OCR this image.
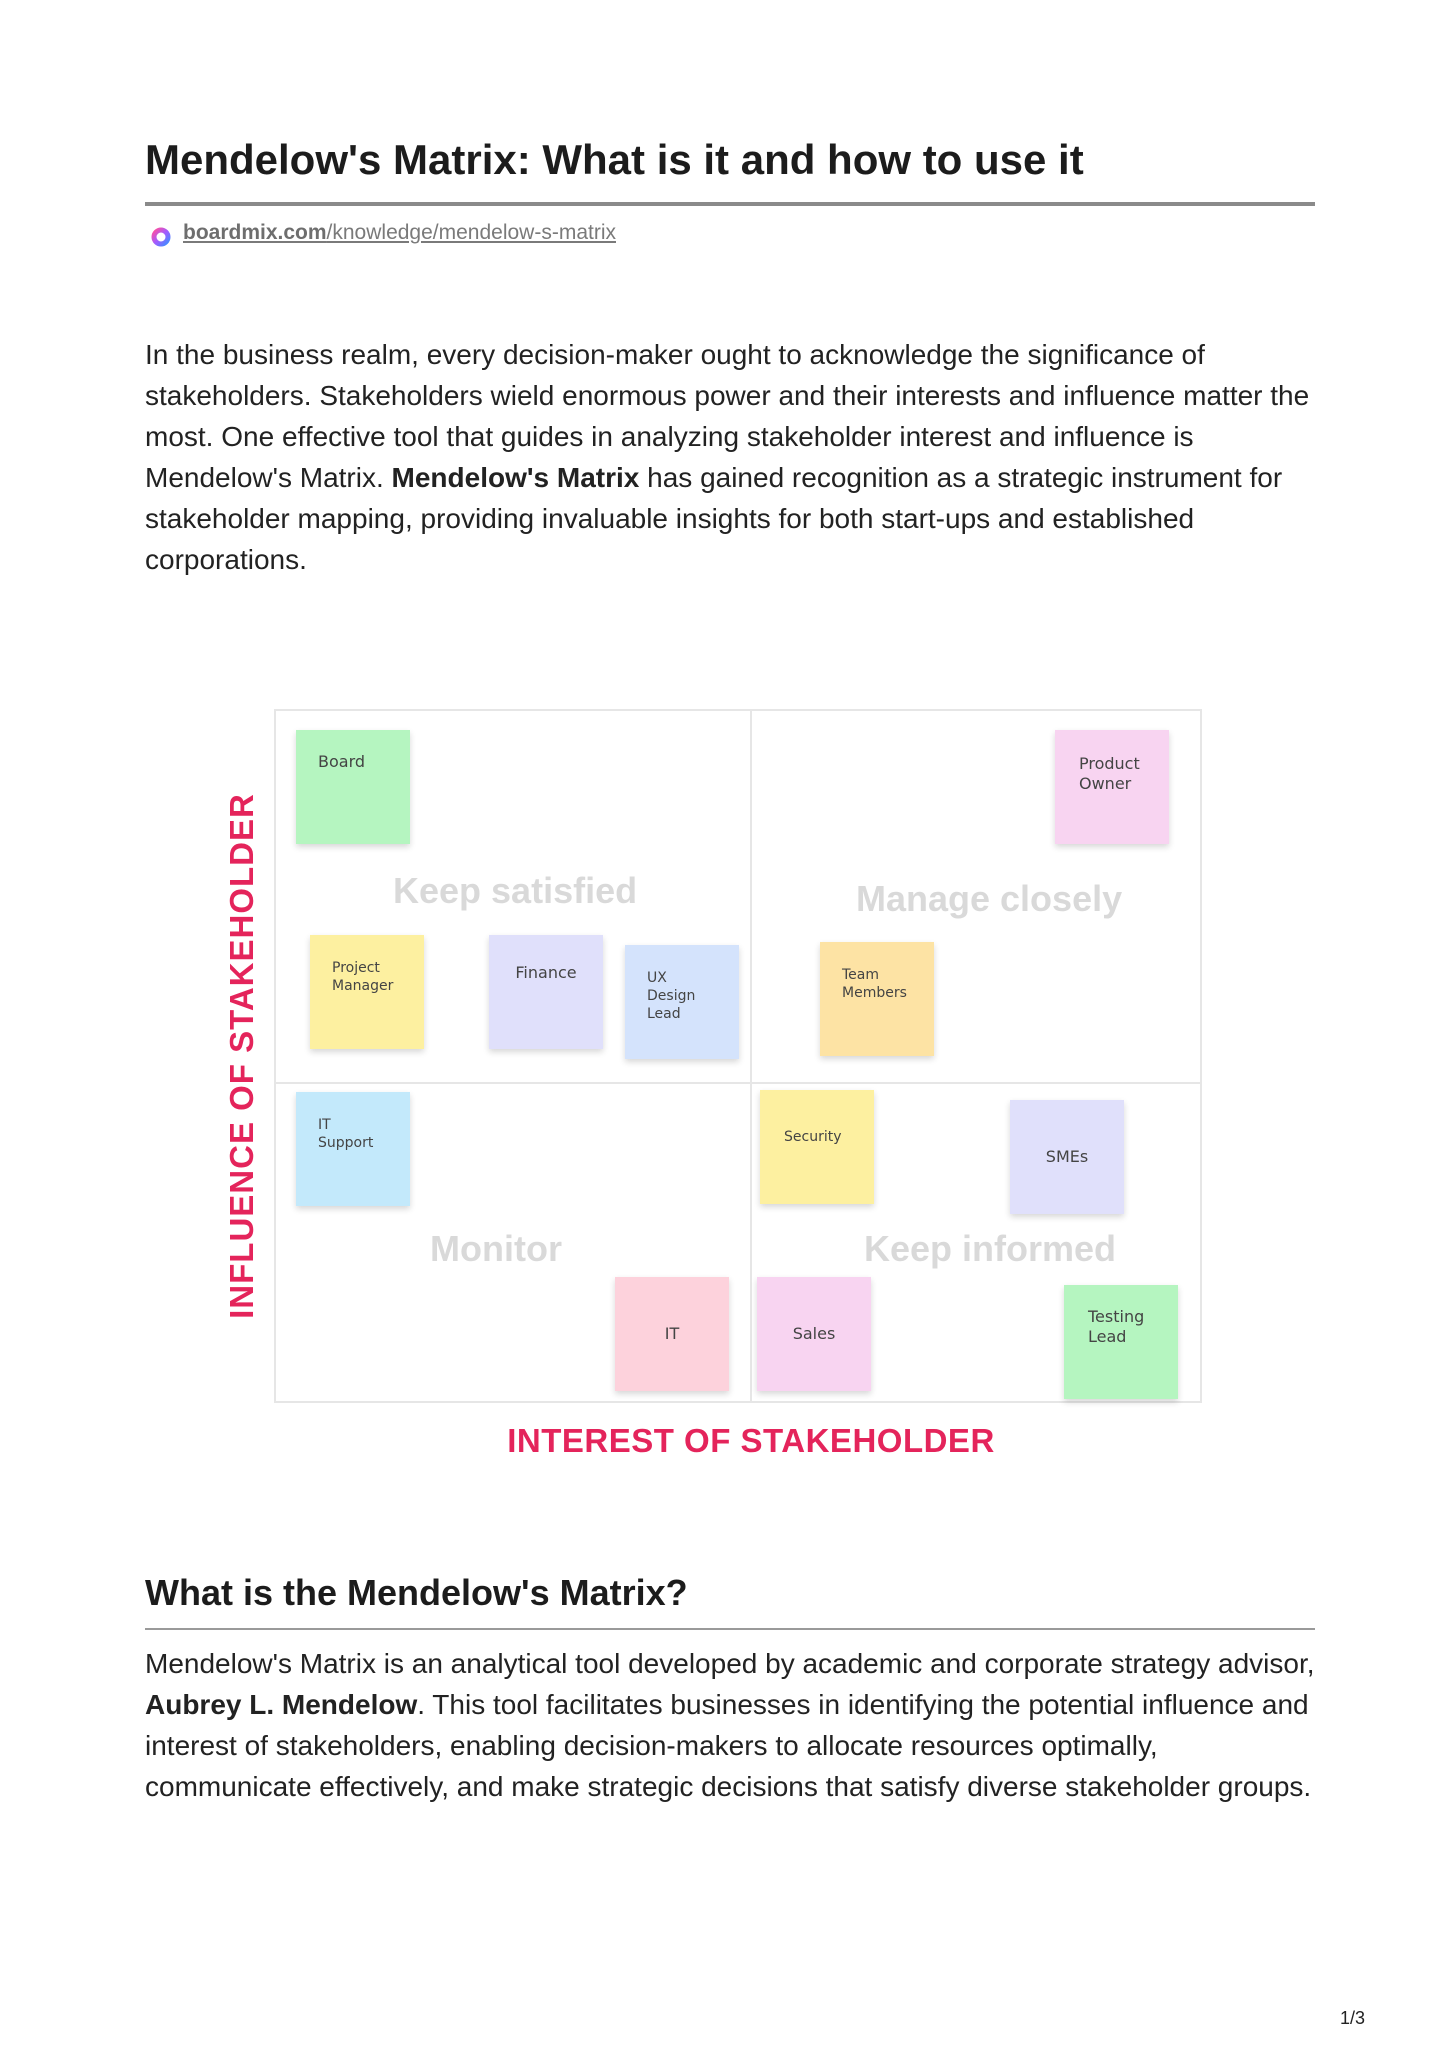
Mendelow's Matrix: What is it and how to use it
boardmix.com/knowledge/mendelow-s-matrix

In the business realm, every decision-maker ought to acknowledge the significance of stakeholders. Stakeholders wield enormous power and their interests and influence matter the most. One effective tool that guides in analyzing stakeholder interest and influence is Mendelow's Matrix. Mendelow's Matrix has gained recognition as a strategic instrument for stakeholder mapping, providing invaluable insights for both start-ups and established corporations.

Keep satisfied	Manage closely
Monitor	Keep informed
Board	Product Owner
Project Manager
Finance	UX Design Lead
Team Members
IT Support	Security
SMEs
IT	Sales
Testing Lead
INFLUENCE OF STAKEHOLDER
INTEREST OF STAKEHOLDER
What is the Mendelow's Matrix?

Mendelow's Matrix is an analytical tool developed by academic and corporate strategy advisor, Aubrey L. Mendelow. This tool facilitates businesses in identifying the potential influence and interest of stakeholders, enabling decision-makers to allocate resources optimally, communicate effectively, and make strategic decisions that satisfy diverse stakeholder groups.

1/3
